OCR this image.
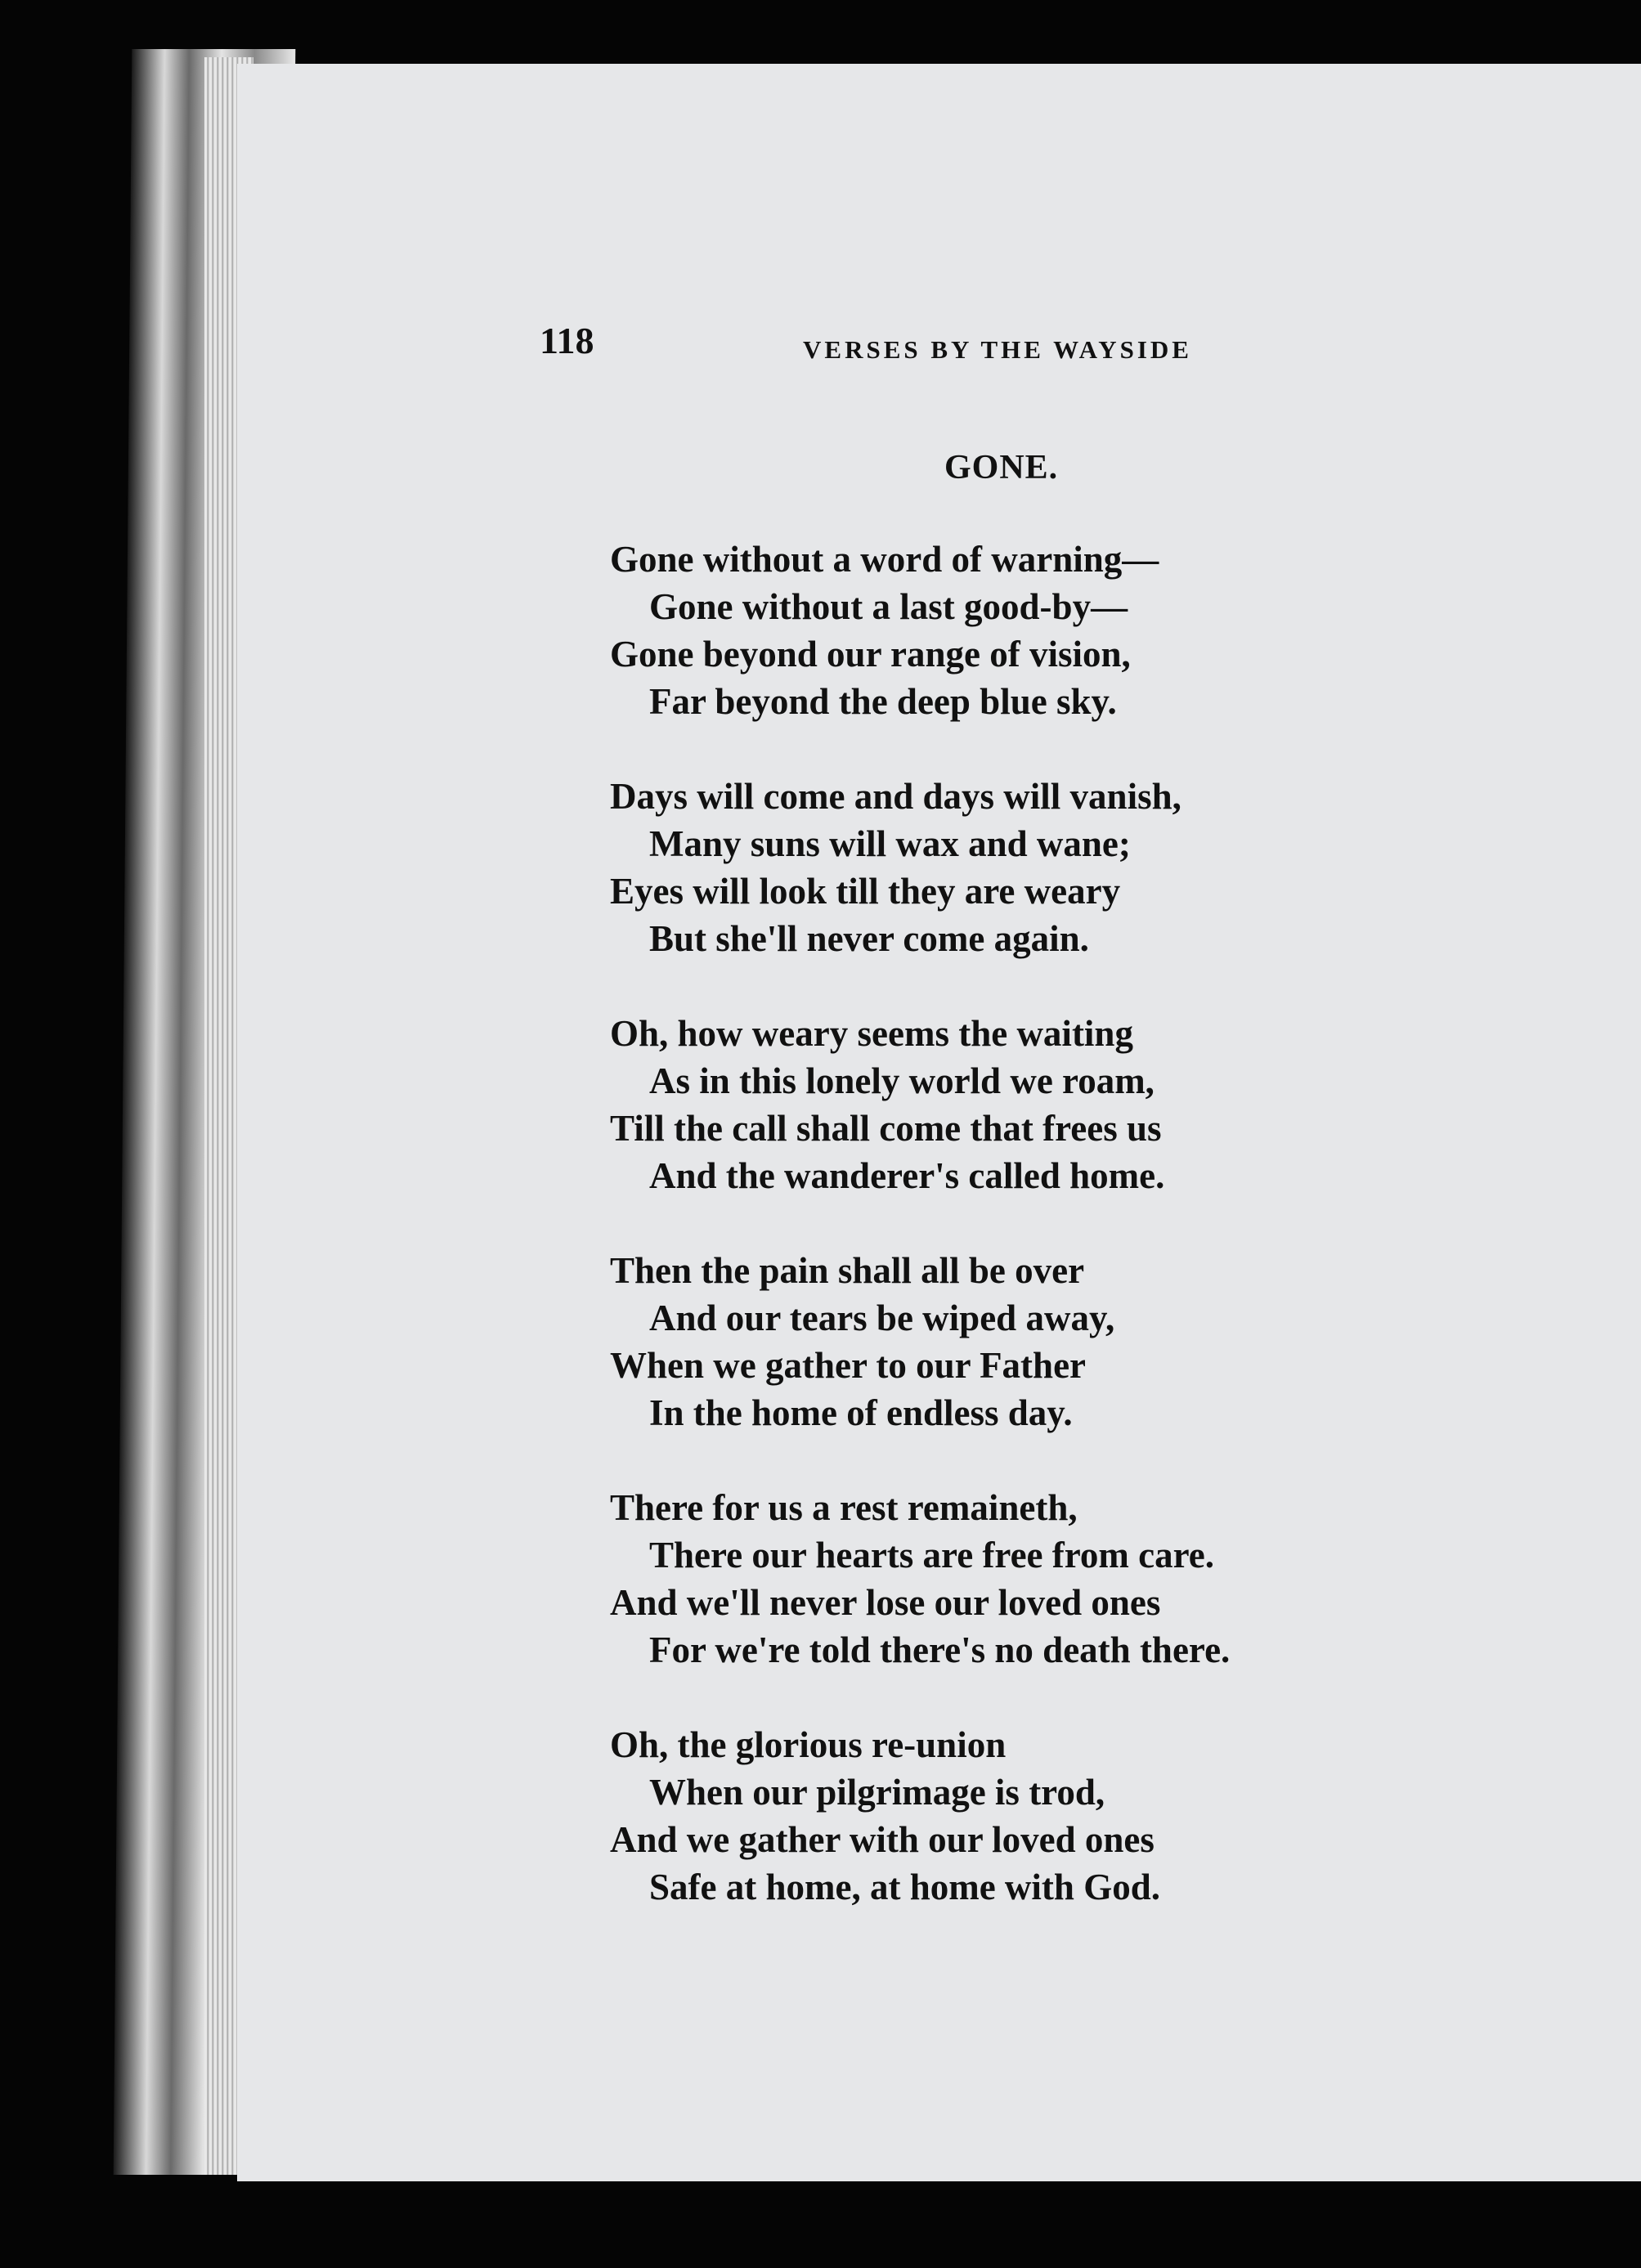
118	VERSES BY THE WAYSIDE
GONE.
Gone without a word of warning—
Gone without a last good-by—
Gone beyond our range of vision,
Far beyond the deep blue sky.
Days will come and days will vanish,
Many suns will wax and wane;
Eyes will look till they are weary
But she'll never come again.
Oh, how weary seems the waiting
As in this lonely world we roam,
Till the call shall come that frees us
And the wanderer's called home.
Then the pain shall all be over
And our tears be wiped away,
When we gather to our Father
In the home of endless day.
There for us a rest remaineth,
There our hearts are free from care.
And we'll never lose our loved ones
For we're told there's no death there.
Oh, the glorious re-union
When our pilgrimage is trod,
And we gather with our loved ones
Safe at home, at home with God.
